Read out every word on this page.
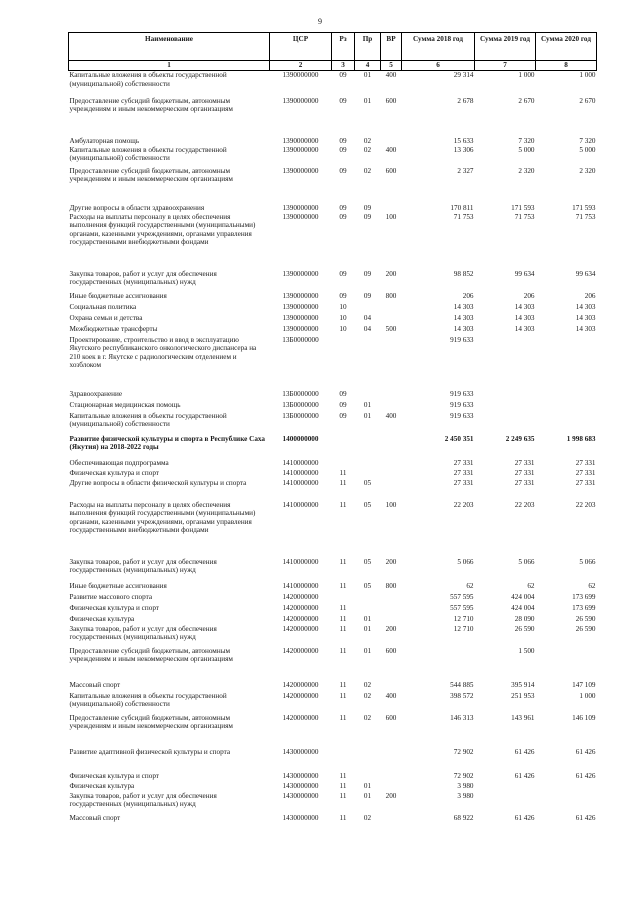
9
Наименование	ЦСР	Рз	Пр	ВР	Сумма 2018 год	Сумма 2019 год	Сумма 2020 год
1	2	3	4	5	6	7	8
Капитальные вложения в объекты государственной (муниципальной) собственности	1390000000	09	01	400	29 314	1 000	1 000
Предоставление субсидий бюджетным, автономным учреждениям и иным некоммерческим организациям	1390000000	09	01	600	2 678	2 670	2 670
Амбулаторная помощь	1390000000	09	02		15 633	7 320	7 320
Капитальные вложения в объекты государственной (муниципальной) собственности	1390000000	09	02	400	13 306	5 000	5 000
Предоставление субсидий бюджетным, автономным учреждениям и иным некоммерческим организациям	1390000000	09	02	600	2 327	2 320	2 320
Другие вопросы в области здравоохранения	1390000000	09	09		170 811	171 593	171 593
Расходы на выплаты персоналу в целях обеспечения выполнения функций государственными (муниципальными) органами, казенными учреждениями, органами управления государственными внебюджетными фондами	1390000000	09	09	100	71 753	71 753	71 753
Закупка товаров, работ и услуг для обеспечения государственных (муниципальных) нужд	1390000000	09	09	200	98 852	99 634	99 634
Иные бюджетные ассигнования	1390000000	09	09	800	206	206	206
Социальная политика	1390000000	10			14 303	14 303	14 303
Охрана семьи и детства	1390000000	10	04		14 303	14 303	14 303
Межбюджетные трансферты	1390000000	10	04	500	14 303	14 303	14 303
Проектирование, строительство и ввод в эксплуатацию Якутского республиканского онкологического диспансера на 210 коек в г. Якутске с радиологическим отделением и хозблоком	13Б0000000				919 633		
Здравоохранение	13Б0000000	09			919 633		
Стационарная медицинская помощь	13Б0000000	09	01		919 633		
Капитальные вложения в объекты государственной (муниципальной) собственности	13Б0000000	09	01	400	919 633		
Развитие физической культуры и спорта в Республике Саха (Якутия) на 2018-2022 годы	1400000000				2 450 351	2 249 635	1 998 683
Обеспечивающая подпрограмма	1410000000				27 331	27 331	27 331
Физическая культура и спорт	1410000000	11			27 331	27 331	27 331
Другие вопросы в области физической культуры и спорта	1410000000	11	05		27 331	27 331	27 331
Расходы на выплаты персоналу в целях обеспечения выполнения функций государственными (муниципальными) органами, казенными учреждениями, органами управления государственными внебюджетными фондами	1410000000	11	05	100	22 203	22 203	22 203
Закупка товаров, работ и услуг для обеспечения государственных (муниципальных) нужд	1410000000	11	05	200	5 066	5 066	5 066
Иные бюджетные ассигнования	1410000000	11	05	800	62	62	62
Развитие массового спорта	1420000000				557 595	424 004	173 699
Физическая культура и спорт	1420000000	11			557 595	424 004	173 699
Физическая культура	1420000000	11	01		12 710	28 090	26 590
Закупка товаров, работ и услуг для обеспечения государственных (муниципальных) нужд	1420000000	11	01	200	12 710	26 590	26 590
Предоставление субсидий бюджетным, автономным учреждениям и иным некоммерческим организациям	1420000000	11	01	600		1 500	
Массовый спорт	1420000000	11	02		544 885	395 914	147 109
Капитальные вложения в объекты государственной (муниципальной) собственности	1420000000	11	02	400	398 572	251 953	1 000
Предоставление субсидий бюджетным, автономным учреждениям и иным некоммерческим организациям	1420000000	11	02	600	146 313	143 961	146 109
Развитие адаптивной физической культуры и спорта	1430000000				72 902	61 426	61 426
Физическая культура и спорт	1430000000	11			72 902	61 426	61 426
Физическая культура	1430000000	11	01		3 980		
Закупка товаров, работ и услуг для обеспечения государственных (муниципальных) нужд	1430000000	11	01	200	3 980		
Массовый спорт	1430000000	11	02		68 922	61 426	61 426
